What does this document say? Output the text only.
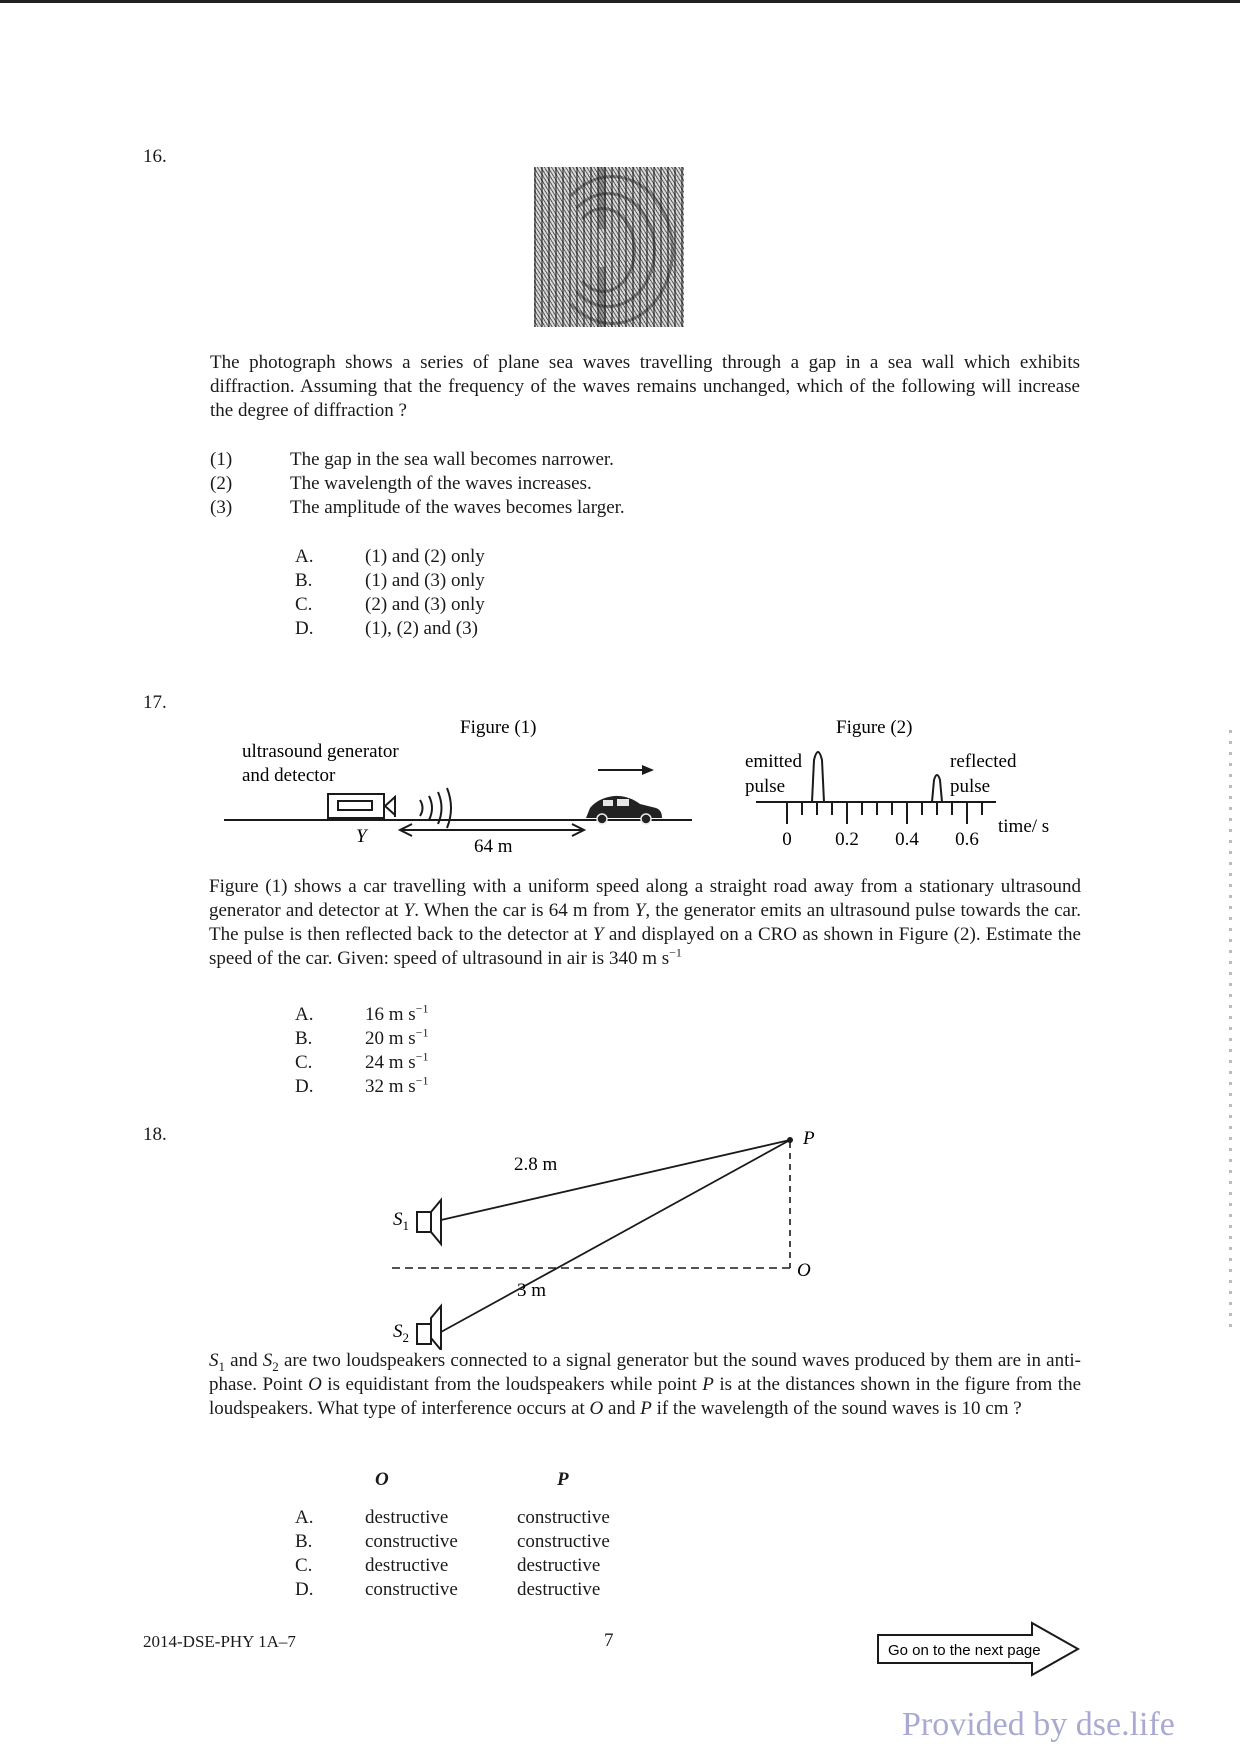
16.
The photograph shows a series of plane sea waves travelling through a gap in a sea wall which exhibits diffraction. Assuming that the frequency of the waves remains unchanged, which of the following will increase the degree of diffraction ?
(1)	The gap in the sea wall becomes narrower.
(2)	The wavelength of the waves increases.
(3)	The amplitude of the waves becomes larger.
A.	(1) and (2) only
B.	(1) and (3) only
C.	(2) and (3) only
D.	(1), (2) and (3)
17.
Figure (1)
ultrasound generator
and detector
Y	64 m
Figure (2)
emitted
pulse
reflected
pulse
0 0.2 0.4 0.6
time/ s
Figure (1) shows a car travelling with a uniform speed along a straight road away from a stationary ultrasound generator and detector at Y. When the car is 64 m from Y, the generator emits an ultrasound pulse towards the car. The pulse is then reflected back to the detector at Y and displayed on a CRO as shown in Figure (2). Estimate the speed of the car. Given: speed of ultrasound in air is 340 m $s^{-1}$
A.	16 m $s^{-1}$
B.	20 m $s^{-1}$
C.	24 m $s^{-1}$
D.	32 m $s^{-1}$
18.	P
O
$S_1$
$S_2$
2.8 m
3 m
$S_1$ and $S_2$ are two loudspeakers connected to a signal generator but the sound waves produced by them are in anti-phase. Point O is equidistant from the loudspeakers while point P is at the distances shown in the figure from the loudspeakers. What type of interference occurs at O and P if the wavelength of the sound waves is 10 cm ?
O	P
A.	destructive	constructive
B.	constructive	constructive
C.	destructive	destructive
D.	constructive	destructive
2014-DSE-PHY 1A–7	7	Go on to the next page
Provided by dse.life
